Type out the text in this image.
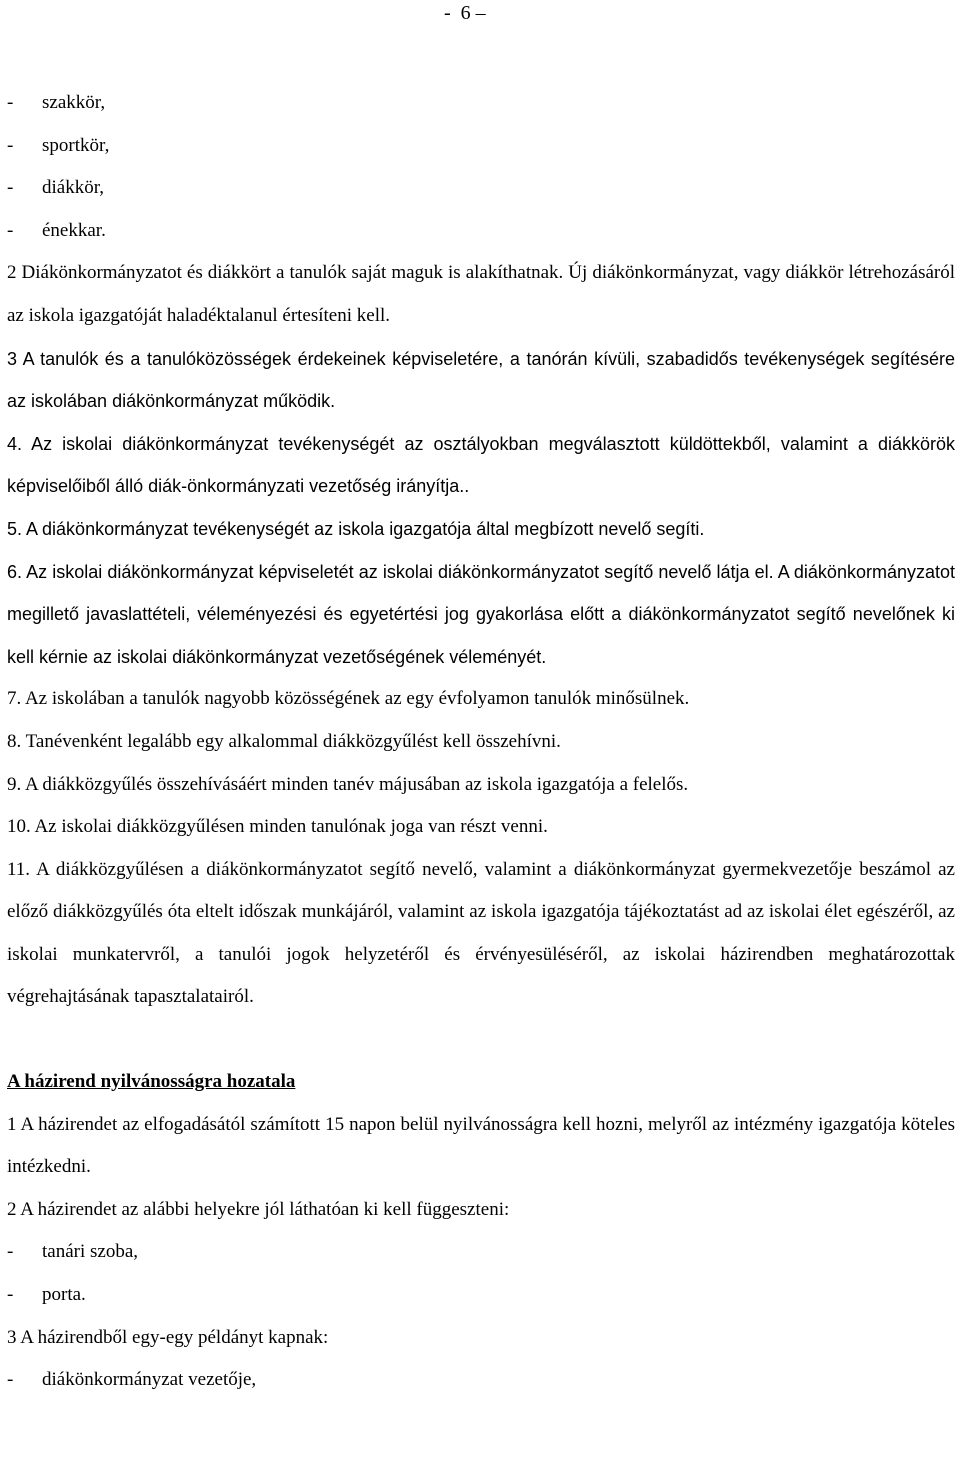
-  6 –
- szakkör,
- sportkör,
- diákkör,
- énekkar.
2 Diákönkormányzatot és diákkört a tanulók saját maguk is alakíthatnak. Új diákönkormányzat, vagy diákkör létrehozásáról az iskola igazgatóját haladéktalanul értesíteni kell.
3 A tanulók és a tanulóközösségek érdekeinek képviseletére, a tanórán kívüli, szabadidős tevékenységek segítésére az iskolában diákönkormányzat működik.
4. Az iskolai diákönkormányzat tevékenységét az osztályokban megválasztott küldöttekből, valamint a diákkörök képviselőiből álló diák-önkormányzati vezetőség irányítja..
5. A diákönkormányzat tevékenységét az iskola igazgatója által megbízott nevelő segíti.
6. Az iskolai diákönkormányzat képviseletét az iskolai diákönkormányzatot segítő nevelő látja el. A diákönkormányzatot megillető javaslattételi, véleményezési és egyetértési jog gyakorlása előtt a diákönkormányzatot segítő nevelőnek ki kell kérnie az iskolai diákönkormányzat vezetőségének véleményét.
7. Az iskolában a tanulók nagyobb közösségének az egy évfolyamon tanulók minősülnek.
8. Tanévenként legalább egy alkalommal diákközgyűlést kell összehívni.
9. A diákközgyűlés összehívásáért minden tanév májusában az iskola igazgatója a felelős.
10. Az iskolai diákközgyűlésen minden tanulónak joga van részt venni.
11. A diákközgyűlésen a diákönkormányzatot segítő nevelő, valamint a diákönkormányzat gyermekvezetője beszámol az előző diákközgyűlés óta eltelt időszak munkájáról, valamint az iskola igazgatója tájékoztatást ad az iskolai élet egészéről, az iskolai munkatervről, a tanulói jogok helyzetéről és érvényesüléséről, az iskolai házirendben meghatározottak végrehajtásának tapasztalatairól.
A házirend nyilvánosságra hozatala
1 A házirendet az elfogadásától számított 15 napon belül nyilvánosságra kell hozni, melyről az intézmény igazgatója köteles intézkedni.
2 A házirendet az alábbi helyekre jól láthatóan ki kell függeszteni:
- tanári szoba,
- porta.
3 A házirendből egy-egy példányt kapnak:
- diákönkormányzat vezetője,
